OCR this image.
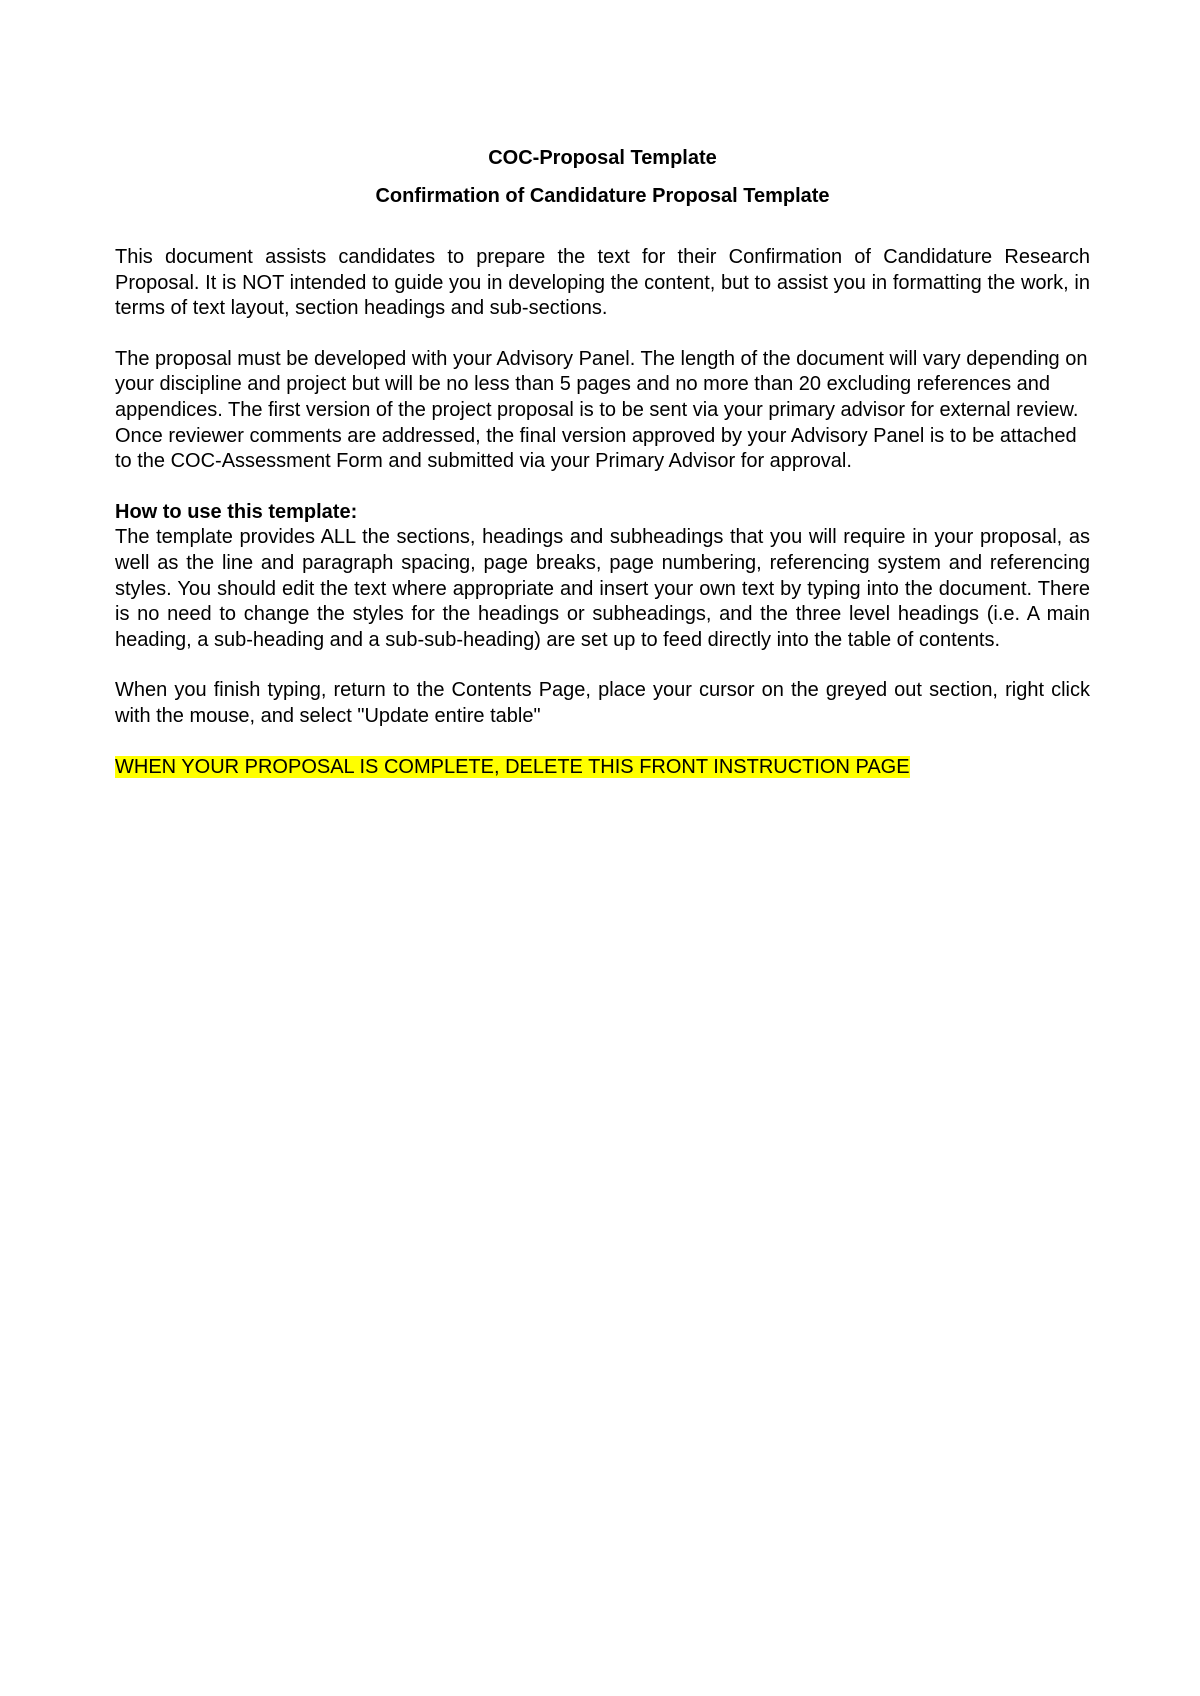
COC-Proposal Template

Confirmation of Candidature Proposal Template

This document assists candidates to prepare the text for their Confirmation of Candidature Research Proposal. It is NOT intended to guide you in developing the content, but to assist you in formatting the work, in terms of text layout, section headings and sub-sections.

The proposal must be developed with your Advisory Panel. The length of the document will vary depending on your discipline and project but will be no less than 5 pages and no more than 20 excluding references and appendices. The first version of the project proposal is to be sent via your primary advisor for external review. Once reviewer comments are addressed, the final version approved by your Advisory Panel is to be attached to the COC-Assessment Form and submitted via your Primary Advisor for approval.

How to use this template:

The template provides ALL the sections, headings and subheadings that you will require in your proposal, as well as the line and paragraph spacing, page breaks, page numbering, referencing system and referencing styles. You should edit the text where appropriate and insert your own text by typing into the document. There is no need to change the styles for the headings or subheadings, and the three level headings (i.e. A main heading, a sub-heading and a sub-sub-heading) are set up to feed directly into the table of contents.

When you finish typing, return to the Contents Page, place your cursor on the greyed out section, right click with the mouse, and select "Update entire table"

WHEN YOUR PROPOSAL IS COMPLETE, DELETE THIS FRONT INSTRUCTION PAGE
